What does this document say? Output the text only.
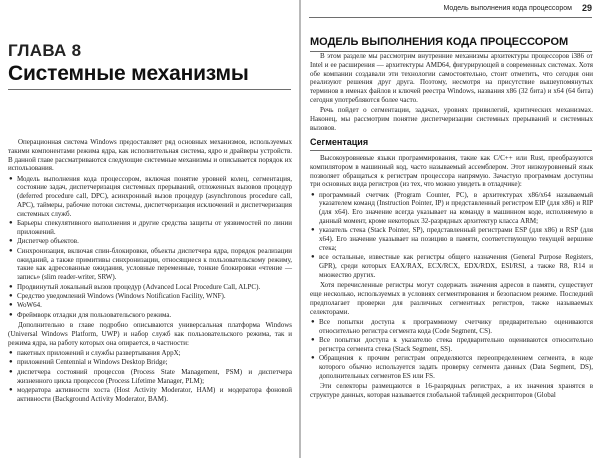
ГЛАВА 8
Системные механизмы

Операционная система Windows предоставляет ряд основных механизмов, используемых такими компонентами режима ядра, как исполнительная система, ядро и драйверы устройств. В данной главе рассматриваются следующие системные механизмы и описывается порядок их использования.

● Модель выполнения кода процессором, включая понятие уровней колец, сегментация, состояние задач, диспетчеризация системных прерываний, отложенных вызовов процедур (deferred procedure call, DPC), асинхронный вызов процедур (asynchronous procedure call, APC), таймеры, рабочие потоки системы, диспетчеризация исключений и диспетчеризация системных служб.
● Барьеры спекулятивного выполнения и другие средства защиты от уязвимостей по линии приложений.
● Диспетчер объектов.
● Синхронизация, включая спин-блокировки, объекты диспетчера ядра, порядок реализации ожиданий, а также примитивы синхронизации, относящиеся к пользовательскому режиму, такие как адресованные ожидания, условные переменные, тонкие блокировки «чтение — запись» (slim reader-writer, SRW).
● Продвинутый локальный вызов процедур (Advanced Local Procedure Call, ALPC).
● Средство уведомлений Windows (Windows Notification Facility, WNF).
● WoW64.
● Фреймворк отладки для пользовательского режима.

Дополнительно в главе подробно описываются универсальная платформа Windows (Universal Windows Platform, UWP) и набор служб как пользовательского режима, так и режима ядра, на работу которых она опирается, в частности:

● пакетных приложений и службы развертывания AppX;
● приложений Centennial и Windows Desktop Bridge;
● диспетчера состояний процессов (Process State Management, PSM) и диспетчера жизненного цикла процессов (Process Lifetime Manager, PLM);
● модератора активности хоста (Host Activity Moderator, HAM) и модератора фоновой активности (Background Activity Moderator, BAM).
Модель выполнения кода процессором 29
МОДЕЛЬ ВЫПОЛНЕНИЯ КОДА ПРОЦЕССОРОМ

В этом разделе мы рассмотрим внутренние механизмы архитектуры процессоров i386 от Intel и ее расширения — архитектуры AMD64, фигурирующей в современных системах. Хотя обе компании создавали эти технологии самостоятельно, стоит отметить, что сегодня они реализуют решения друг друга. Поэтому, несмотря на присутствие вышеупомянутых терминов в именах файлов и ключей реестра Windows, названия x86 (32 бита) и x64 (64 бита) сегодня употребляются более часто.

Речь пойдет о сегментации, задачах, уровнях привилегий, критических механизмах. Наконец, мы рассмотрим понятие диспетчеризации системных прерываний и системных вызовов.

Сегментация

Высокоуровневые языки программирования, такие как C/C++ или Rust, преобразуются компилятором в машинный код, часто называемый ассемблером. Этот низкоуровневый язык позволяет обращаться к регистрам процессора напрямую. Зачастую программам доступны три основных вида регистров (из тех, что можно увидеть в отладчике):

● программный счетчик (Program Counter, PC), в архитектурах x86/x64 называемый указателем команд (Instruction Pointer, IP) и представленный регистром EIP (для x86) и RIP (для x64). Его значение всегда указывает на команду в машинном коде, исполняемую в данный момент, кроме некоторых 32-разрядных архитектур класса ARM;
● указатель стека (Stack Pointer, SP), представленный регистрами ESP (для x86) и RSP (для x64). Его значение указывает на позицию в памяти, соответствующую текущей вершине стека;
● все остальные, известные как регистры общего назначения (General Purpose Registers, GPR), среди которых EAX/RAX, ECX/RCX, EDX/RDX, ESI/RSI, а также R8, R14 и множество других.

Хотя перечисленные регистры могут содержать значения адресов в памяти, существует еще несколько, используемых в условиях сегментирования и безопасном режиме. Последний предполагает проверки для различных сегментных регистров, также называемых селекторами.

● Все попытки доступа к программному счетчику предварительно оцениваются относительно регистра сегмента кода (Code Segment, CS).
● Все попытки доступа к указателю стека предварительно оцениваются относительно регистра сегмента стека (Stack Segment, SS).
● Обращения к прочим регистрам определяются переопределением сегмента, в коде которого обычно используется задать проверку сегмента данных (Data Segment, DS), дополнительных сегментов ES или FS.

Эти селекторы размещаются в 16-разрядных регистрах, а их значения хранятся в структуре данных, которая называется глобальной таблицей дескрипторов (Global
